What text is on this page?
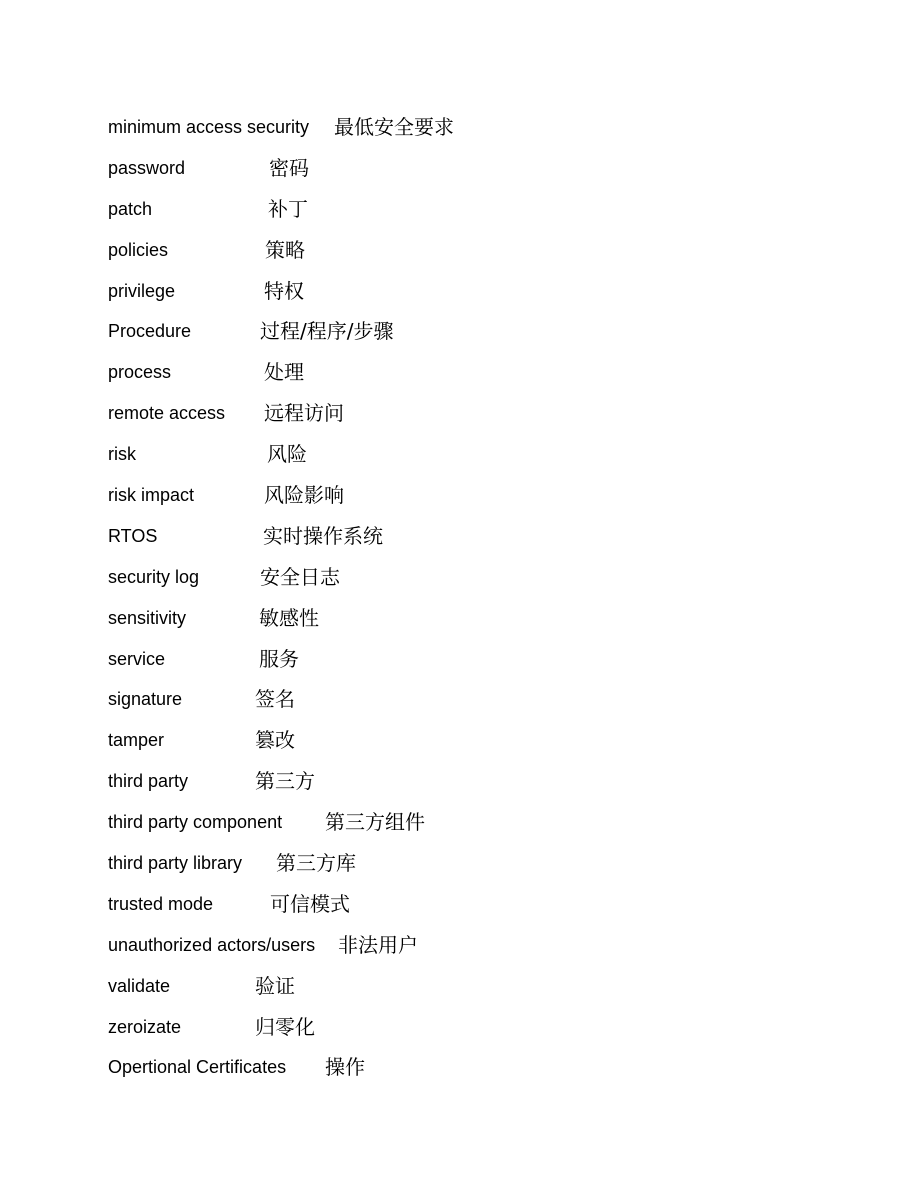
minimum access security 最低安全要求
password	密码
patch	补丁
policies	策略
privilege	特权
Procedure	过程/程序/步骤
process	处理
remote access 远程访问
risk	风险
risk impact	风险影响
RTOS	实时操作系统
security log	安全日志
sensitivity	敏感性
service	服务
signature	签名
tamper	篡改
third party	第三方
third party component 第三方组件
third party library 第三方库
trusted mode	可信模式
unauthorized actors/users 非法用户
validate	验证
zeroizate	归零化
Opertional Certificates 操作
